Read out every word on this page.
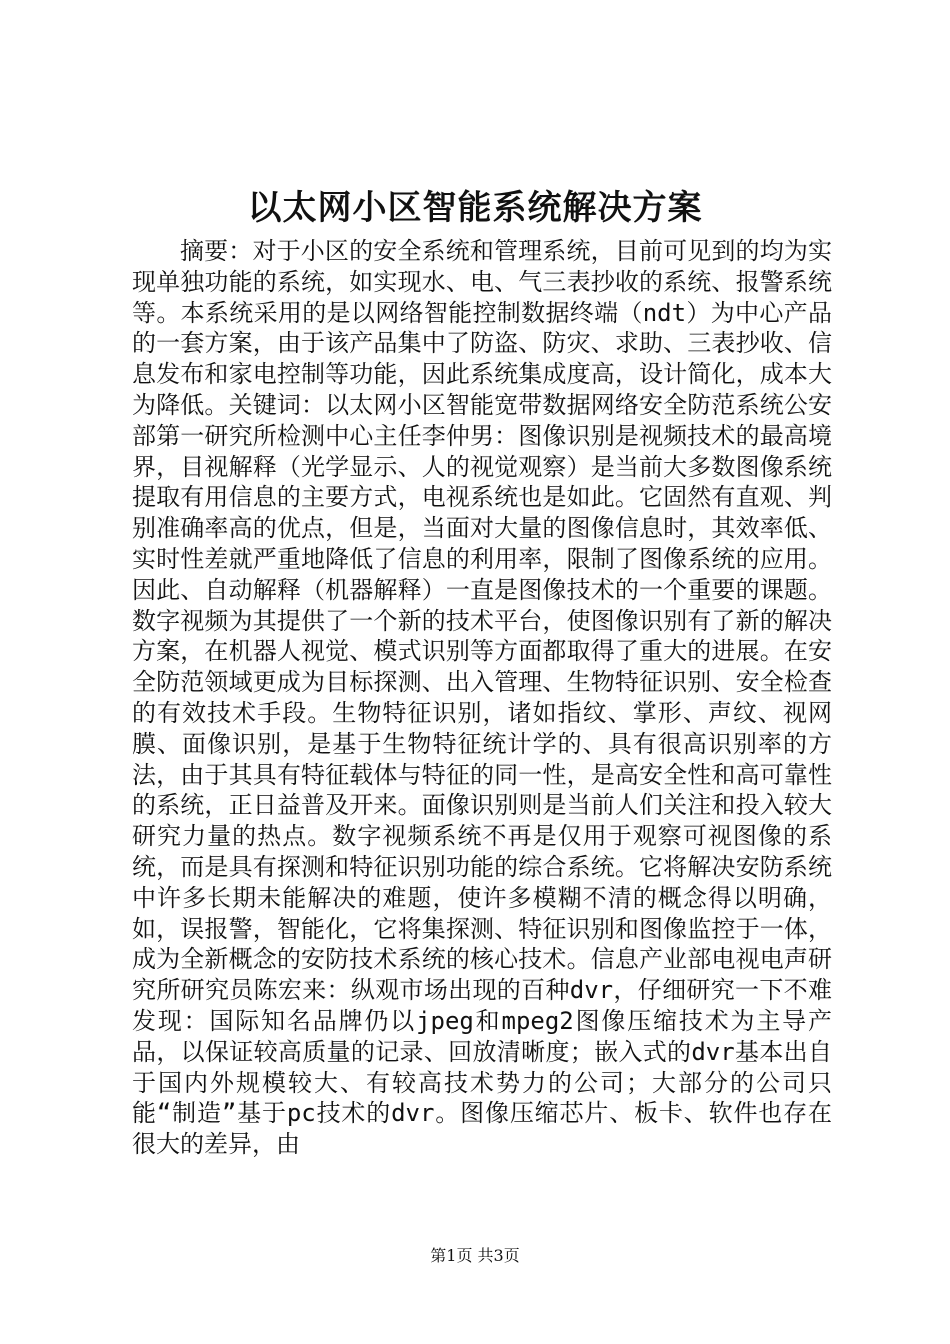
以太网小区智能系统解决方案

摘要：对于小区的安全系统和管理系统，目前可见到的均为实现单独功能的系统，如实现水、电、气三表抄收的系统、报警系统等。本系统采用的是以网络智能控制数据终端（ndt）为中心产品的一套方案，由于该产品集中了防盗、防灾、求助、三表抄收、信息发布和家电控制等功能，因此系统集成度高，设计简化，成本大为降低。关键词：以太网小区智能宽带数据网络安全防范系统公安部第一研究所检测中心主任李仲男：图像识别是视频技术的最高境界，目视解释（光学显示、人的视觉观察）是当前大多数图像系统提取有用信息的主要方式，电视系统也是如此。它固然有直观、判别准确率高的优点，但是，当面对大量的图像信息时，其效率低、实时性差就严重地降低了信息的利用率，限制了图像系统的应用。因此、自动解释（机器解释）一直是图像技术的一个重要的课题。数字视频为其提供了一个新的技术平台，使图像识别有了新的解决方案，在机器人视觉、模式识别等方面都取得了重大的进展。在安全防范领域更成为目标探测、出入管理、生物特征识别、安全检查的有效技术手段。生物特征识别，诸如指纹、掌形、声纹、视网膜、面像识别，是基于生物特征统计学的、具有很高识别率的方法，由于其具有特征载体与特征的同一性，是高安全性和高可靠性的系统，正日益普及开来。面像识别则是当前人们关注和投入较大研究力量的热点。数字视频系统不再是仅用于观察可视图像的系统，而是具有探测和特征识别功能的综合系统。它将解决安防系统中许多长期未能解决的难题，使许多模糊不清的概念得以明确，如，误报警，智能化，它将集探测、特征识别和图像监控于一体，成为全新概念的安防技术系统的核心技术。信息产业部电视电声研究所研究员陈宏来：纵观市场出现的百种dvr，仔细研究一下不难发现：国际知名品牌仍以jpeg和mpeg2图像压缩技术为主导产品，以保证较高质量的记录、回放清晰度；嵌入式的dvr基本出自于国内外规模较大、有较高技术势力的公司；大部分的公司只能“制造”基于pc技术的dvr。图像压缩芯片、板卡、软件也存在很大的差异，由

第1页 共3页
